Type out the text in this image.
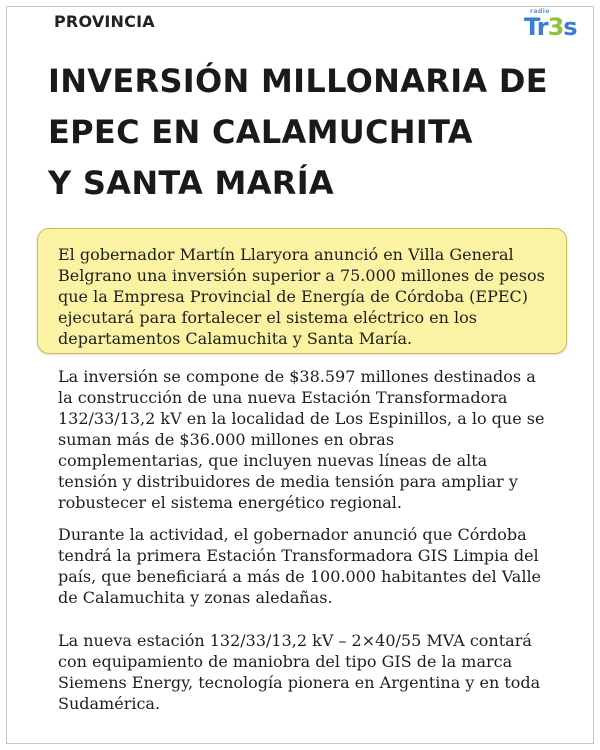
PROVINCIA
radio
Tr3s
INVERSIÓN MILLONARIA DE
EPEC EN CALAMUCHITA
Y SANTA MARÍA
El gobernador Martín Llaryora anunció en Villa General
Belgrano una inversión superior a 75.000 millones de pesos
que la Empresa Provincial de Energía de Córdoba (EPEC)
ejecutará para fortalecer el sistema eléctrico en los
departamentos Calamuchita y Santa María.
La inversión se compone de $38.597 millones destinados a
la construcción de una nueva Estación Transformadora
132/33/13,2 kV en la localidad de Los Espinillos, a lo que se
suman más de $36.000 millones en obras
complementarias, que incluyen nuevas líneas de alta
tensión y distribuidores de media tensión para ampliar y
robustecer el sistema energético regional.
Durante la actividad, el gobernador anunció que Córdoba
tendrá la primera Estación Transformadora GIS Limpia del
país, que beneficiará a más de 100.000 habitantes del Valle
de Calamuchita y zonas aledañas.
La nueva estación 132/33/13,2 kV – 2×40/55 MVA contará
con equipamiento de maniobra del tipo GIS de la marca
Siemens Energy, tecnología pionera en Argentina y en toda
Sudamérica.
